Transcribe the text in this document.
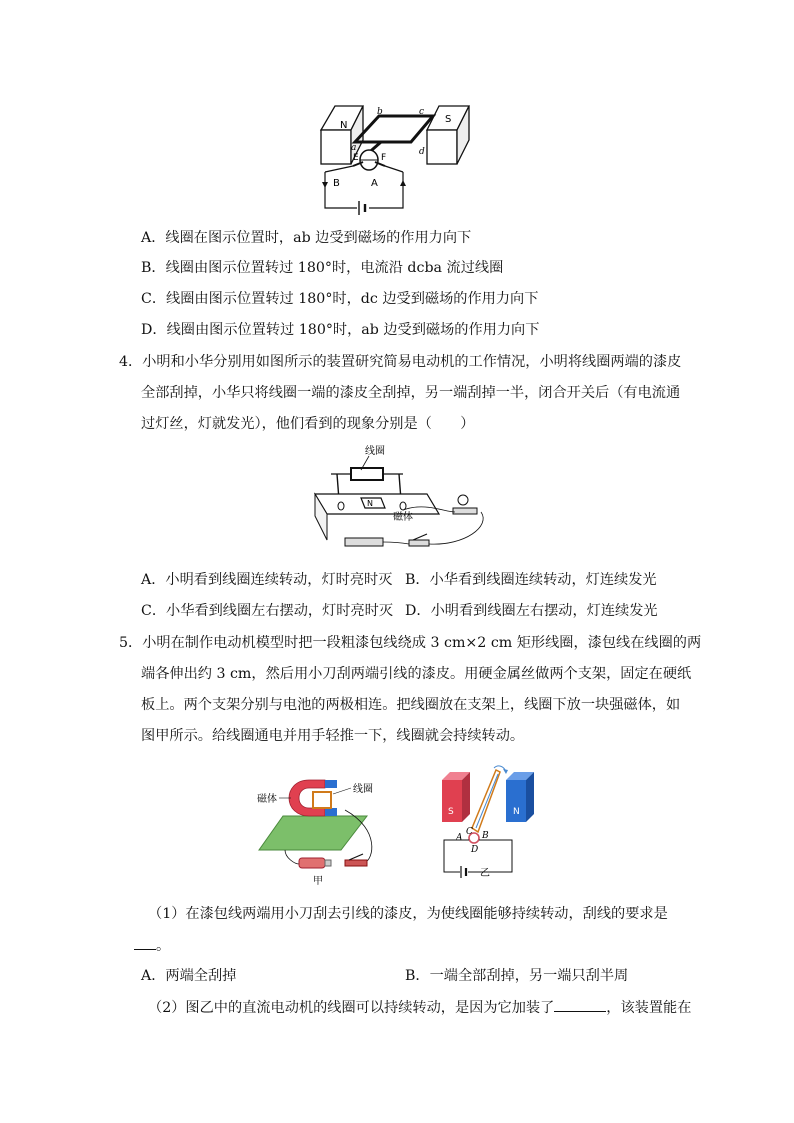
N
S
a
b	c
d
E F
B	A
A．线圈在图示位置时，ab 边受到磁场的作用力向下
B．线圈由图示位置转过 180°时，电流沿 dcba 流过线圈
C．线圈由图示位置转过 180°时，dc 边受到磁场的作用力向下
D．线圈由图示位置转过 180°时，ab 边受到磁场的作用力向下
4．小明和小华分别用如图所示的装置研究简易电动机的工作情况，小明将线圈两端的漆皮
全部刮掉，小华只将线圈一端的漆皮全刮掉，另一端刮掉一半，闭合开关后（有电流通
过灯丝，灯就发光），他们看到的现象分别是（　　）
线圈
N
磁体
A．小明看到线圈连续转动，灯时亮时灭 B．小华看到线圈连续转动，灯连续发光
C．小华看到线圈左右摆动，灯时亮时灭 D．小明看到线圈左右摆动，灯连续发光
5．小明在制作电动机模型时把一段粗漆包线绕成 3 cm×2 cm 矩形线圈，漆包线在线圈的两
端各伸出约 3 cm，然后用小刀刮两端引线的漆皮。用硬金属丝做两个支架，固定在硬纸
板上。两个支架分别与电池的两极相连。把线圈放在支架上，线圈下放一块强磁体，如
图甲所示。给线圈通电并用手轻推一下，线圈就会持续转动。
磁体
线圈
甲
S	N
C
A B
D
乙
（1）在漆包线两端用小刀刮去引线的漆皮，为使线圈能够持续转动，刮线的要求是
。
A．两端全刮掉	B．一端全部刮掉，另一端只刮半周
（2）图乙中的直流电动机的线圈可以持续转动，是因为它加装了	，该装置能在
